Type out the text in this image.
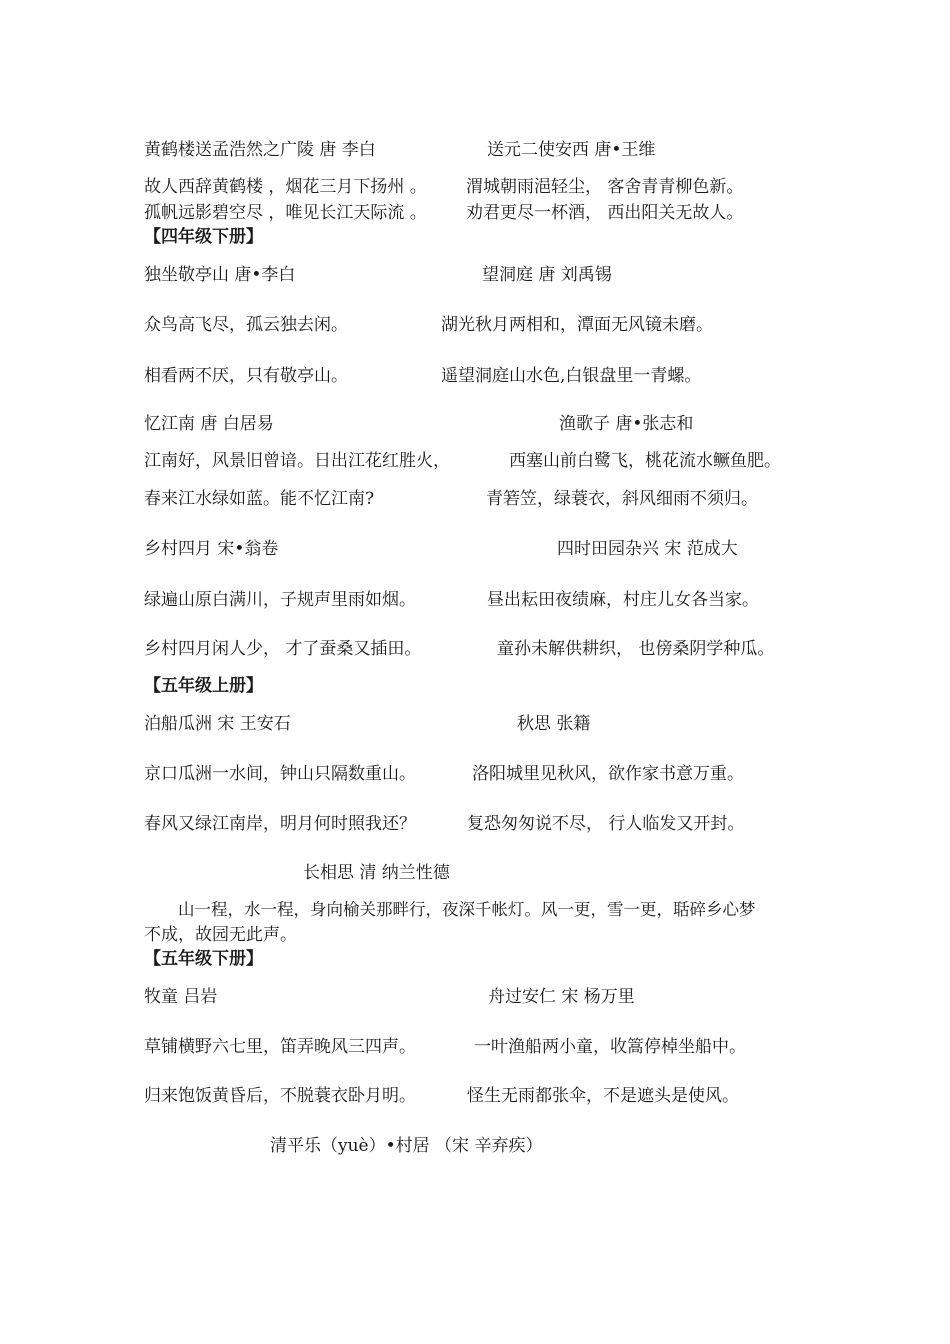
黄鹤楼送孟浩然之广陵 唐 李白	送元二使安西 唐•王维
故人西辞黄鹤楼 ，烟花三月下扬州 。 渭城朝雨浥轻尘， 客舍青青柳色新。
孤帆远影碧空尽 ，唯见长江天际流 。 劝君更尽一杯酒， 西出阳关无故人。
【四年级下册】
独坐敬亭山 唐•李白	望洞庭 唐 刘禹锡
众鸟高飞尽，孤云独去闲。	湖光秋月两相和，潭面无风镜未磨。
相看两不厌，只有敬亭山。	遥望洞庭山水色,白银盘里一青螺。
忆江南 唐 白居易	渔歌子 唐•张志和
江南好，风景旧曾谙。日出江花红胜火，	西塞山前白鹭飞，桃花流水鳜鱼肥。
春来江水绿如蓝。能不忆江南?	青箬笠，绿蓑衣，斜风细雨不须归。
乡村四月 宋•翁卷	四时田园杂兴 宋 范成大
绿遍山原白满川，子规声里雨如烟。	昼出耘田夜绩麻，村庄儿女各当家。
乡村四月闲人少， 才了蚕桑又插田。	童孙未解供耕织， 也傍桑阴学种瓜。
【五年级上册】
泊船瓜洲 宋 王安石	秋思 张籍
京口瓜洲一水间，钟山只隔数重山。	洛阳城里见秋风，欲作家书意万重。
春风又绿江南岸，明月何时照我还？	复恐匆匆说不尽， 行人临发又开封。
长相思 清 纳兰性德
山一程，水一程，身向榆关那畔行，夜深千帐灯。风一更，雪一更，聒碎乡心梦
不成，故园无此声。
【五年级下册】
牧童 吕岩	舟过安仁 宋 杨万里
草铺横野六七里，笛弄晚风三四声。	一叶渔船两小童，收篙停棹坐船中。
归来饱饭黄昏后，不脱蓑衣卧月明。	怪生无雨都张伞，不是遮头是使风。
清平乐（yuè）•村居 （宋 辛弃疾）
